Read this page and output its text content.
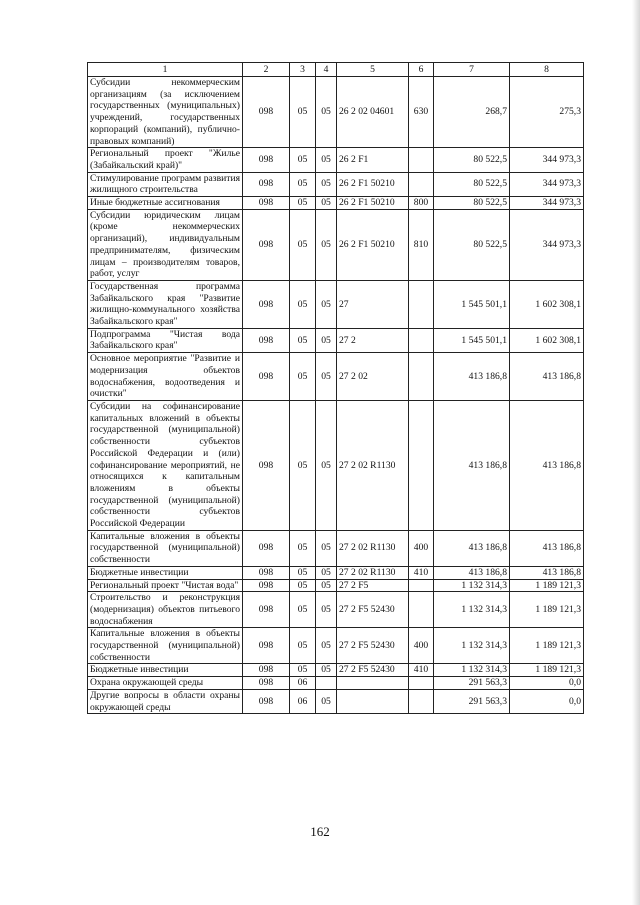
1	2	3	4	5	6	7	8
Субсидии некоммерческим организациям (за исключением государственных (муниципальных) учреждений, государственных корпораций (компаний), публично-правовых компаний)	098	05	05	26 2 02 04601	630	268,7	275,3
Региональный проект "Жилье (Забайкальский край)"	098	05	05	26 2 F1		80 522,5	344 973,3
Стимулирование программ развития жилищного строительства	098	05	05	26 2 F1 50210		80 522,5	344 973,3
Иные бюджетные ассигнования	098	05	05	26 2 F1 50210	800	80 522,5	344 973,3
Субсидии юридическим лицам (кроме некоммерческих организаций), индивидуальным предпринимателям, физическим лицам – производителям товаров, работ, услуг	098	05	05	26 2 F1 50210	810	80 522,5	344 973,3
Государственная программа Забайкальского края "Развитие жилищно-коммунального хозяйства Забайкальского края"	098	05	05	27		1 545 501,1	1 602 308,1
Подпрограмма "Чистая вода Забайкальского края"	098	05	05	27 2		1 545 501,1	1 602 308,1
Основное мероприятие "Развитие и модернизация объектов водоснабжения, водоотведения и очистки"	098	05	05	27 2 02		413 186,8	413 186,8
Субсидии на софинансирование капитальных вложений в объекты государственной (муниципальной) собственности субъектов Российской Федерации и (или) софинансирование мероприятий, не относящихся к капитальным вложениям в объекты государственной (муниципальной) собственности субъектов Российской Федерации	098	05	05	27 2 02 R1130		413 186,8	413 186,8
Капитальные вложения в объекты государственной (муниципальной) собственности	098	05	05	27 2 02 R1130	400	413 186,8	413 186,8
Бюджетные инвестиции	098	05	05	27 2 02 R1130	410	413 186,8	413 186,8
Региональный проект "Чистая вода"	098	05	05	27 2 F5		1 132 314,3	1 189 121,3
Строительство и реконструкция (модернизация) объектов питьевого водоснабжения	098	05	05	27 2 F5 52430		1 132 314,3	1 189 121,3
Капитальные вложения в объекты государственной (муниципальной) собственности	098	05	05	27 2 F5 52430	400	1 132 314,3	1 189 121,3
Бюджетные инвестиции	098	05	05	27 2 F5 52430	410	1 132 314,3	1 189 121,3
Охрана окружающей среды	098	06				291 563,3	0,0
Другие вопросы в области охраны окружающей среды	098	06	05			291 563,3	0,0
162
